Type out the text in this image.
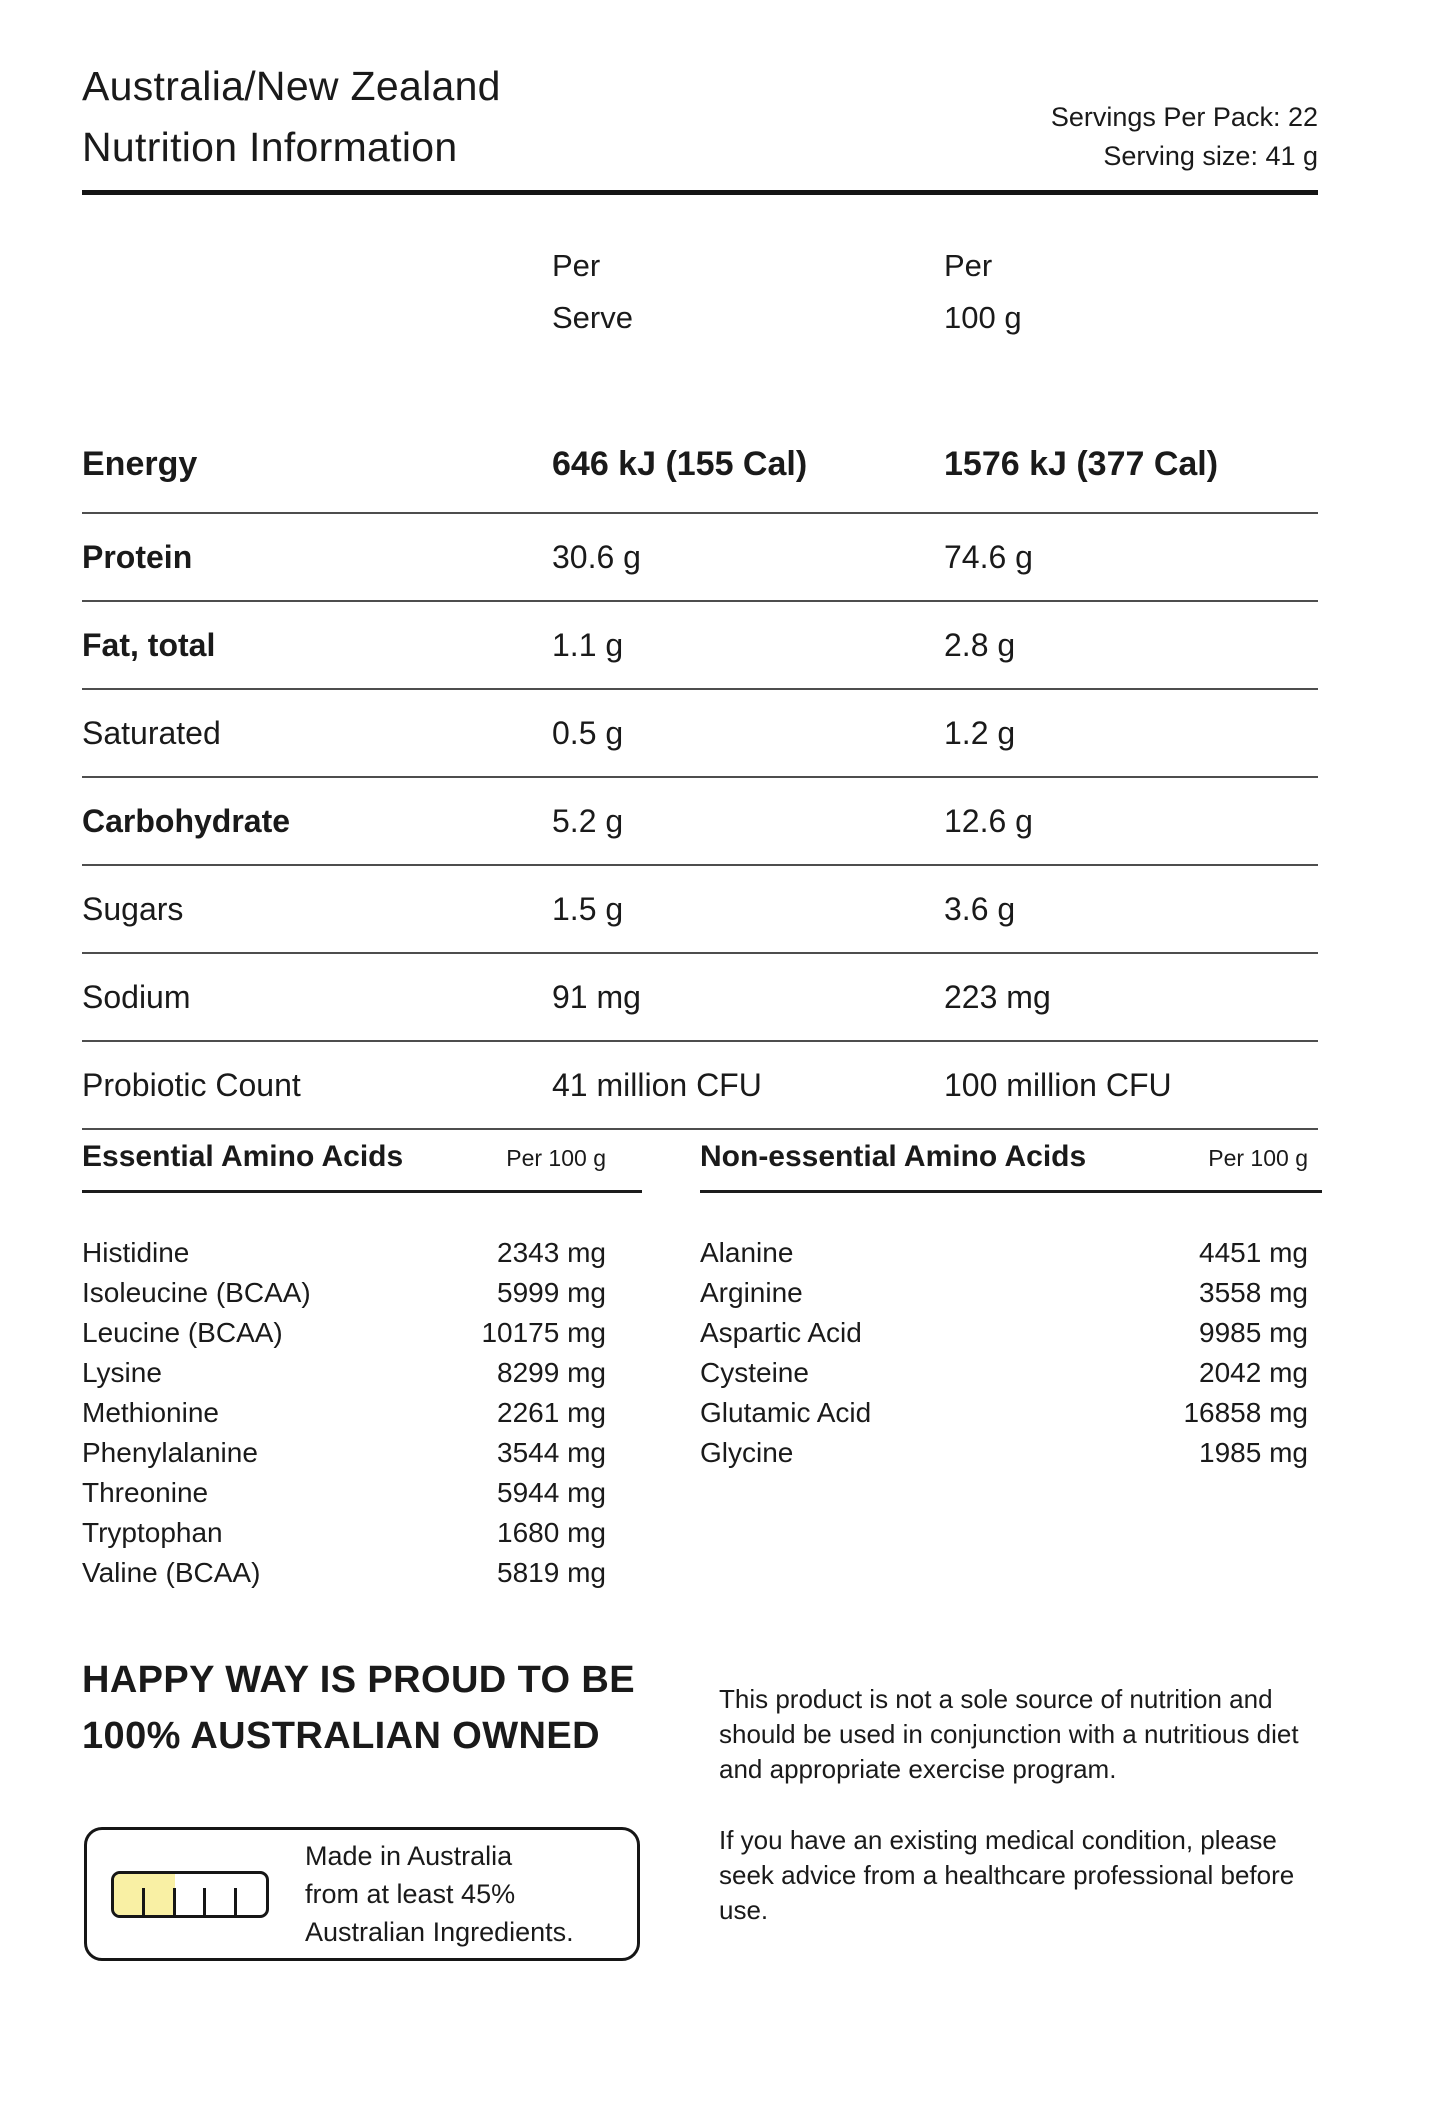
Australia/New Zealand
Nutrition Information
Servings Per Pack: 22
Serving size: 41 g
Per
Serve
Per
100 g
Energy	646 kJ (155 Cal)	1576 kJ (377 Cal)
Protein	30.6 g	74.6 g
Fat, total	1.1 g	2.8 g
Saturated	0.5 g	1.2 g
Carbohydrate	5.2 g	12.6 g
Sugars	1.5 g	3.6 g
Sodium	91 mg	223 mg
Probiotic Count	41 million CFU	100 million CFU
Essential Amino Acids	Per 100 g
Histidine	2343 mg
Isoleucine (BCAA)	5999 mg
Leucine (BCAA)	10175 mg
Lysine	8299 mg
Methionine	2261 mg
Phenylalanine	3544 mg
Threonine	5944 mg
Tryptophan	1680 mg
Valine (BCAA)	5819 mg
Non-essential Amino Acids	Per 100 g
Alanine	4451 mg
Arginine	3558 mg
Aspartic Acid	9985 mg
Cysteine	2042 mg
Glutamic Acid	16858 mg
Glycine	1985 mg
HAPPY WAY IS PROUD TO BE
100% AUSTRALIAN OWNED
Made in Australia
from at least 45%
Australian Ingredients.

This product is not a sole source of nutrition and should be used in conjunction with a nutritious diet and appropriate exercise program.

If you have an existing medical condition, please seek advice from a healthcare professional before use.
